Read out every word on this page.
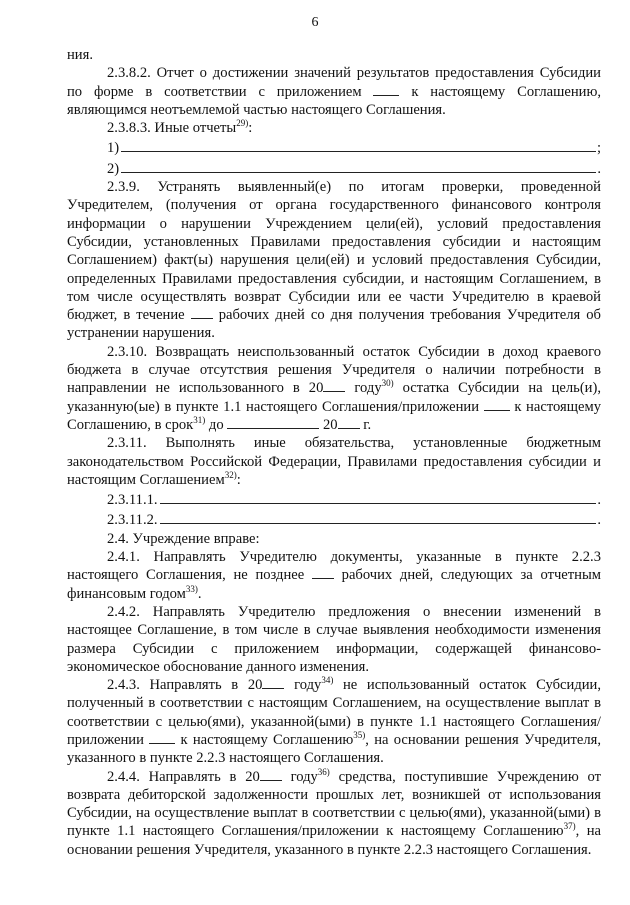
6

ния.

2.3.8.2. Отчет о достижении значений результатов предоставления Субсидии по форме в соответствии с приложением  к настоящему Соглашению, являющимся неотъемлемой частью настоящего Соглашения.

2.3.8.3. Иные отчеты$^{29)}$:

1)	;
2)	.

2.3.9. Устранять выявленный(е) по итогам проверки, проведенной Учредителем, (получения от органа государственного финансового контроля информации о нарушении Учреждением цели(ей), условий предоставления Субсидии, установленных Правилами предоставления субсидии и настоящим Соглашением) факт(ы) нарушения цели(ей) и условий предоставления Субсидии, определенных Правилами предоставления субсидии, и настоящим Соглашением, в том числе осуществлять возврат Субсидии или ее части Учредителю в краевой бюджет, в течение  рабочих дней со дня получения требования Учредителя об устранении нарушения.

2.3.10. Возвращать неиспользованный остаток Субсидии в доход краевого бюджета в случае отсутствия решения Учредителя о наличии потребности в направлении не использованного в 20 году$^{30)}$ остатка Субсидии на цель(и), указанную(ые) в пункте 1.1 настоящего Соглашения/приложении  к настоящему Соглашению, в срок$^{31)}$ до	20 г.

2.3.11. Выполнять иные обязательства, установленные бюджетным законодательством Российской Федерации, Правилами предоставления субсидии и настоящим Соглашением$^{32)}$:

2.3.11.1.	.
2.3.11.2.	.

2.4. Учреждение вправе:

2.4.1. Направлять Учредителю документы, указанные в пункте 2.2.3 настоящего Соглашения, не позднее  рабочих дней, следующих за отчетным финансовым годом$^{33)}$.

2.4.2. Направлять Учредителю предложения о внесении изменений в настоящее Соглашение, в том числе в случае выявления необходимости изменения размера Субсидии с приложением информации, содержащей финансово-экономическое обоснование данного изменения.

2.4.3. Направлять в 20 году$^{34)}$ не использованный остаток Субсидии, полученный в соответствии с настоящим Соглашением, на осуществление выплат в соответствии с целью(ями), указанной(ыми) в пункте 1.1 настоящего Соглашения/приложении  к настоящему Соглашению$^{35)}$, на основании решения Учредителя, указанного в пункте 2.2.3 настоящего Соглашения.

2.4.4. Направлять в 20 году$^{36)}$ средства, поступившие Учреждению от возврата дебиторской задолженности прошлых лет, возникшей от использования Субсидии, на осуществление выплат в соответствии с целью(ями), указанной(ыми) в пункте 1.1 настоящего Соглашения/приложении к настоящему Соглашению$^{37)}$, на основании решения Учредителя, указанного в пункте 2.2.3 настоящего Соглашения.
